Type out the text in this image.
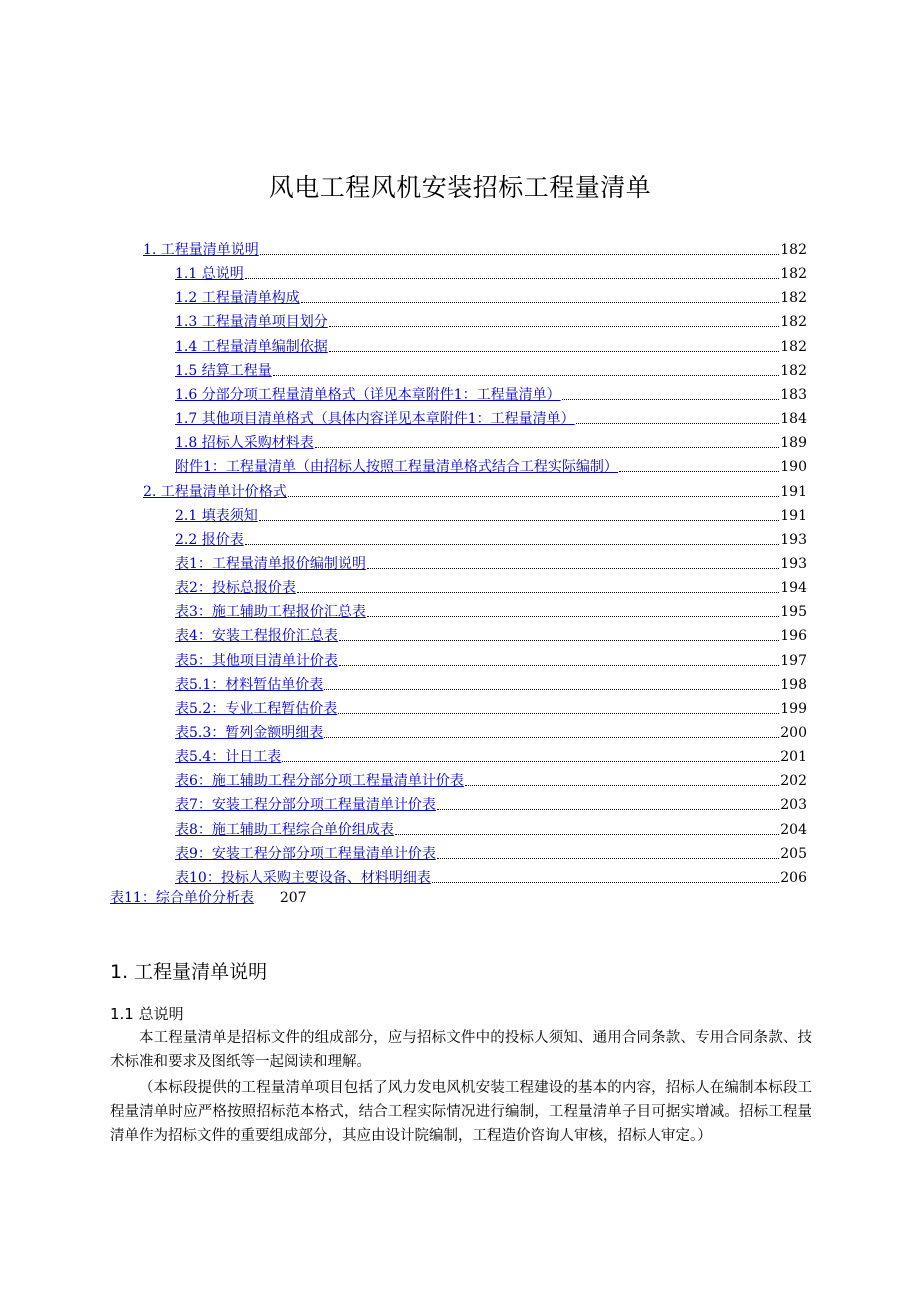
风电工程风机安装招标工程量清单
1. 工程量清单说明	182
1.1 总说明	182
1.2 工程量清单构成	182
1.3 工程量清单项目划分	182
1.4 工程量清单编制依据	182
1.5 结算工程量	182
1.6 分部分项工程量清单格式（详见本章附件1：工程量清单）	183
1.7 其他项目清单格式（具体内容详见本章附件1：工程量清单）	184
1.8 招标人采购材料表	189
附件1：工程量清单（由招标人按照工程量清单格式结合工程实际编制）	190
2. 工程量清单计价格式	191
2.1 填表须知	191
2.2 报价表	193
表1：工程量清单报价编制说明	193
表2：投标总报价表	194
表3：施工辅助工程报价汇总表	195
表4：安装工程报价汇总表	196
表5：其他项目清单计价表	197
表5.1：材料暂估单价表	198
表5.2：专业工程暂估价表	199
表5.3：暂列金额明细表	200
表5.4：计日工表	201
表6：施工辅助工程分部分项工程量清单计价表	202
表7：安装工程分部分项工程量清单计价表	203
表8：施工辅助工程综合单价组成表	204
表9：安装工程分部分项工程量清单计价表	205
表10：投标人采购主要设备、材料明细表	206
表11：综合单价分析表 207
1. 工程量清单说明
1.1 总说明
本工程量清单是招标文件的组成部分，应与招标文件中的投标人须知、通用合同条款、专用合同条款、技术标准和要求及图纸等一起阅读和理解。
（本标段提供的工程量清单项目包括了风力发电风机安装工程建设的基本的内容，招标人在编制本标段工程量清单时应严格按照招标范本格式，结合工程实际情况进行编制，工程量清单子目可据实增减。招标工程量清单作为招标文件的重要组成部分，其应由设计院编制，工程造价咨询人审核，招标人审定。）
